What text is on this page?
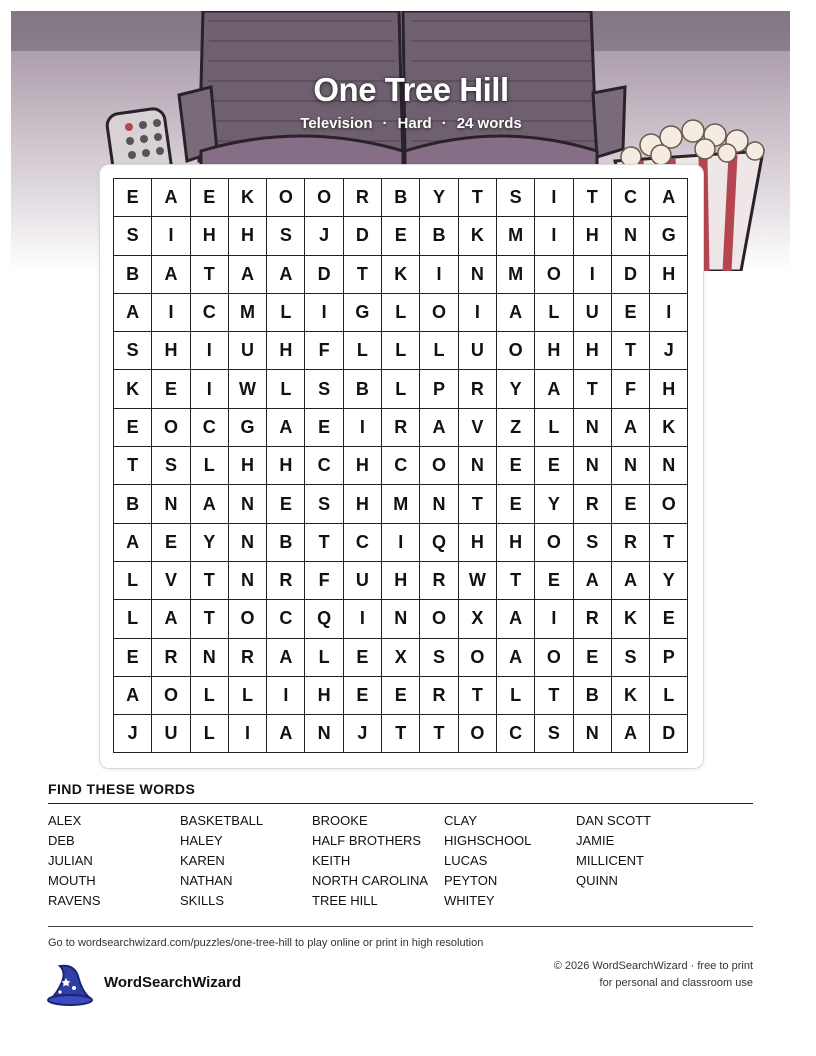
One Tree Hill
Television · Hard · 24 words
E	A	E	K	O	O	R	B	Y	T	S	I	T	C	A
S	I	H	H	S	J	D	E	B	K	M	I	H	N	G
B	A	T	A	A	D	T	K	I	N	M	O	I	D	H
A	I	C	M	L	I	G	L	O	I	A	L	U	E	I
S	H	I	U	H	F	L	L	L	U	O	H	H	T	J
K	E	I	W	L	S	B	L	P	R	Y	A	T	F	H
E	O	C	G	A	E	I	R	A	V	Z	L	N	A	K
T	S	L	H	H	C	H	C	O	N	E	E	N	N	N
B	N	A	N	E	S	H	M	N	T	E	Y	R	E	O
A	E	Y	N	B	T	C	I	Q	H	H	O	S	R	T
L	V	T	N	R	F	U	H	R	W	T	E	A	A	Y
L	A	T	O	C	Q	I	N	O	X	A	I	R	K	E
E	R	N	R	A	L	E	X	S	O	A	O	E	S	P
A	O	L	L	I	H	E	E	R	T	L	T	B	K	L
J	U	L	I	A	N	J	T	T	O	C	S	N	A	D
FIND THESE WORDS
ALEX	BASKETBALL	BROOKE	CLAY	DAN SCOTT
DEB	HALEY	HALF BROTHERS	HIGHSCHOOL	JAMIE
JULIAN	KAREN	KEITH	LUCAS	MILLICENT
MOUTH	NATHAN	NORTH CAROLINA	PEYTON	QUINN
RAVENS	SKILLS	TREE HILL	WHITEY
Go to wordsearchwizard.com/puzzles/one-tree-hill to play online or print in high resolution
WordSearchWizard
© 2026 WordSearchWizard · free to print for personal and classroom use
